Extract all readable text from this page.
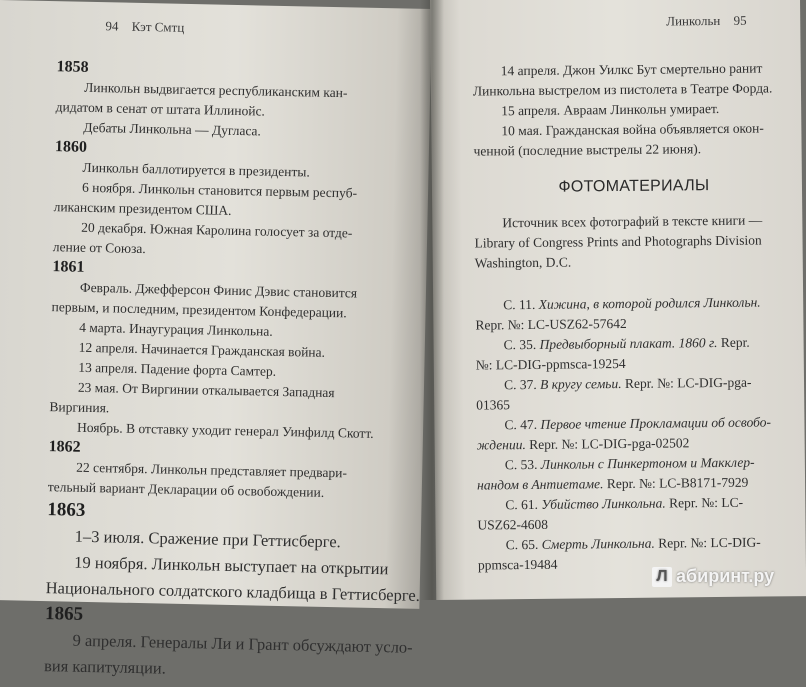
94 Кэт Смтц
1858
Линкольн выдвигается республиканским кан-
дидатом в сенат от штата Иллинойс.
Дебаты Линкольна — Дуглаcа.
1860
Линкольн баллотируется в президенты.
6 ноября. Линкольн становится первым респуб-
ликанским президентом США.
20 декабря. Южная Каролина голосует за отде-
ление от Союза.
1861
Февраль. Джефферсон Финис Дэвис становится
первым, и последним, президентом Конфедерации.
4 марта. Инаугурация Линкольна.
12 апреля. Начинается Гражданская война.
13 апреля. Падение форта Самтер.
23 мая. От Виргинии откалывается Западная
Виргиния.
Ноябрь. В отставку уходит генерал Уинфилд Скотт.
1862
22 сентября. Линкольн представляет предвари-
тельный вариант Декларации об освобождении.
1863
1–3 июля. Сражение при Геттисберге.
19 ноября. Линкольн выступает на открытии
Национального солдатского кладбища в Геттисберге.
1865
9 апреля. Генералы Ли и Грант обсуждают усло-
вия капитуляции.
Линкольн 95
14 апреля. Джон Уилкс Бут смертельно ранит
Линкольна выстрелом из пистолета в Театре Форда.
15 апреля. Авраам Линкольн умирает.
10 мая. Гражданская война объявляется окон-
ченной (последние выстрелы 22 июня).
ФОТОМАТЕРИАЛЫ
Источник всех фотографий в тексте книги —
Library of Congress Prints and Photographs Division
Washington, D.C.
С. 11. Хижина, в которой родился Линкольн.
Repr. №: LC-USZ62-57642
С. 35. Предвыборный плакат. 1860 г. Repr.
№: LC-DIG-ppmsca-19254
С. 37. В кругу семьи. Repr. №: LC-DIG-pga-
01365
С. 47. Первое чтение Прокламации об освобо-
ждении. Repr. №: LC-DIG-pga-02502
С. 53. Линкольн с Пинкертоном и Макклер-
нандом в Антиетаме. Repr. №: LC-B8171-7929
С. 61. Убийство Линкольна. Repr. №: LC-
USZ62-4608
С. 65. Смерть Линкольна. Repr. №: LC-DIG-
ppmsca-19484
Л абиринт.ру
